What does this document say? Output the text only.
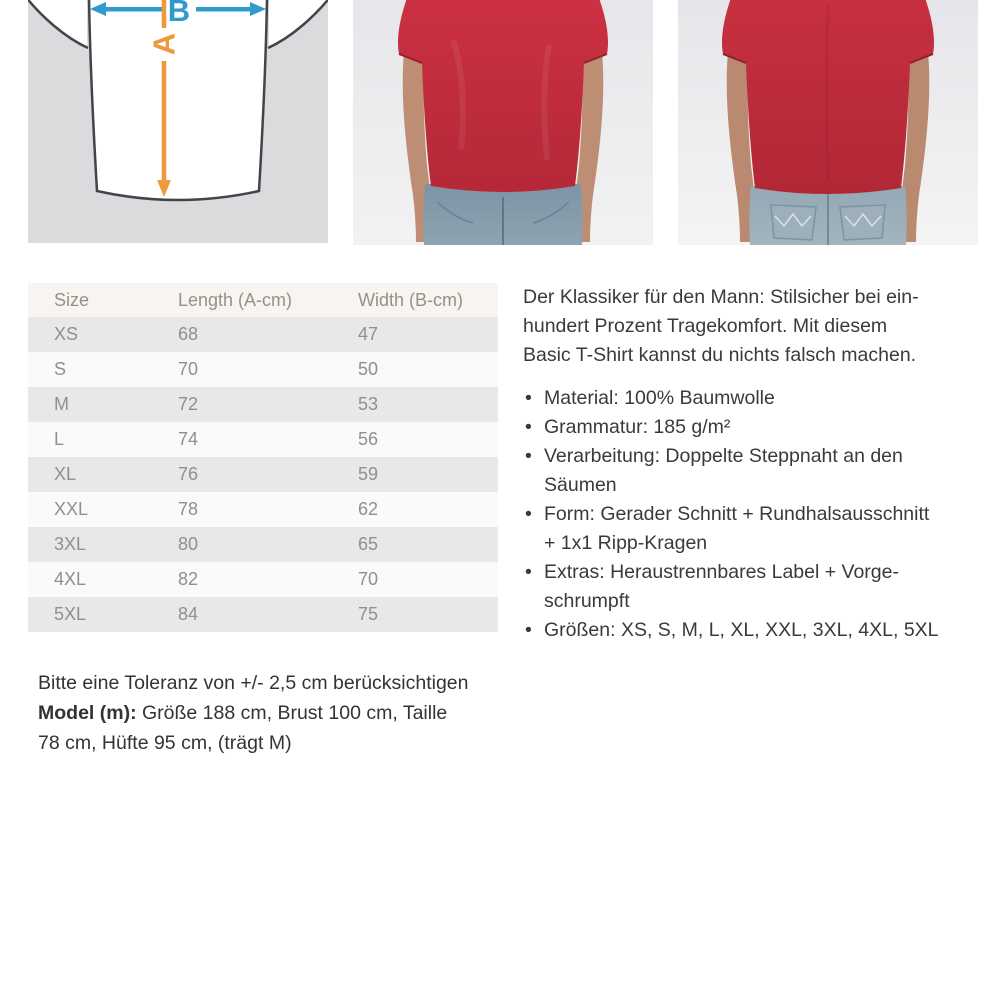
B
A
Size	Length (A-cm)	Width (B-cm)
XS	68	47
S	70	50
M	72	53
L	74	56
XL	76	59
XXL	78	62
3XL	80	65
4XL	82	70
5XL	84	75
Der Klassiker für den Mann: Stilsicher bei ein-
hundert Prozent Tragekomfort. Mit diesem
Basic T-Shirt kannst du nichts falsch machen.
• Material: 100% Baumwolle
• Grammatur: 185 g/m²
• Verarbeitung: Doppelte Steppnaht an den
Säumen
• Form: Gerader Schnitt + Rundhalsausschnitt
+ 1x1 Ripp-Kragen
• Extras: Heraustrennbares Label + Vorge-
schrumpft
• Größen: XS, S, M, L, XL, XXL, 3XL, 4XL, 5XL
Bitte eine Toleranz von +/- 2,5 cm berücksichtigen
Model (m): Größe 188 cm, Brust 100 cm, Taille
78 cm, Hüfte 95 cm, (trägt M)
